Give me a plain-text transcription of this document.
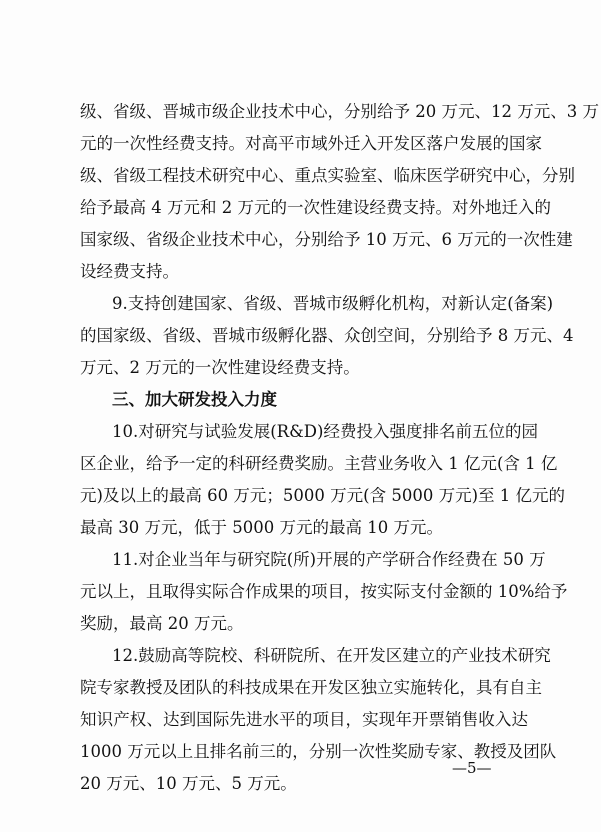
级、省级、晋城市级企业技术中心，分别给予 20 万元、12 万元、3 万
元的一次性经费支持。对高平市域外迁入开发区落户发展的国家
级、省级工程技术研究中心、重点实验室、临床医学研究中心，分别
给予最高 4 万元和 2 万元的一次性建设经费支持。对外地迁入的
国家级、省级企业技术中心，分别给予 10 万元、6 万元的一次性建
设经费支持。
9.支持创建国家、省级、晋城市级孵化机构，对新认定(备案)
的国家级、省级、晋城市级孵化器、众创空间，分别给予 8 万元、4
万元、2 万元的一次性建设经费支持。
三、加大研发投入力度
10.对研究与试验发展(R&D)经费投入强度排名前五位的园
区企业，给予一定的科研经费奖励。主营业务收入 1 亿元(含 1 亿
元)及以上的最高 60 万元；5000 万元(含 5000 万元)至 1 亿元的
最高 30 万元，低于 5000 万元的最高 10 万元。
11.对企业当年与研究院(所)开展的产学研合作经费在 50 万
元以上，且取得实际合作成果的项目，按实际支付金额的 10%给予
奖励，最高 20 万元。
12.鼓励高等院校、科研院所、在开发区建立的产业技术研究
院专家教授及团队的科技成果在开发区独立实施转化，具有自主
知识产权、达到国际先进水平的项目，实现年开票销售收入达
1000 万元以上且排名前三的，分别一次性奖励专家、教授及团队
20 万元、10 万元、5 万元。
—5—
